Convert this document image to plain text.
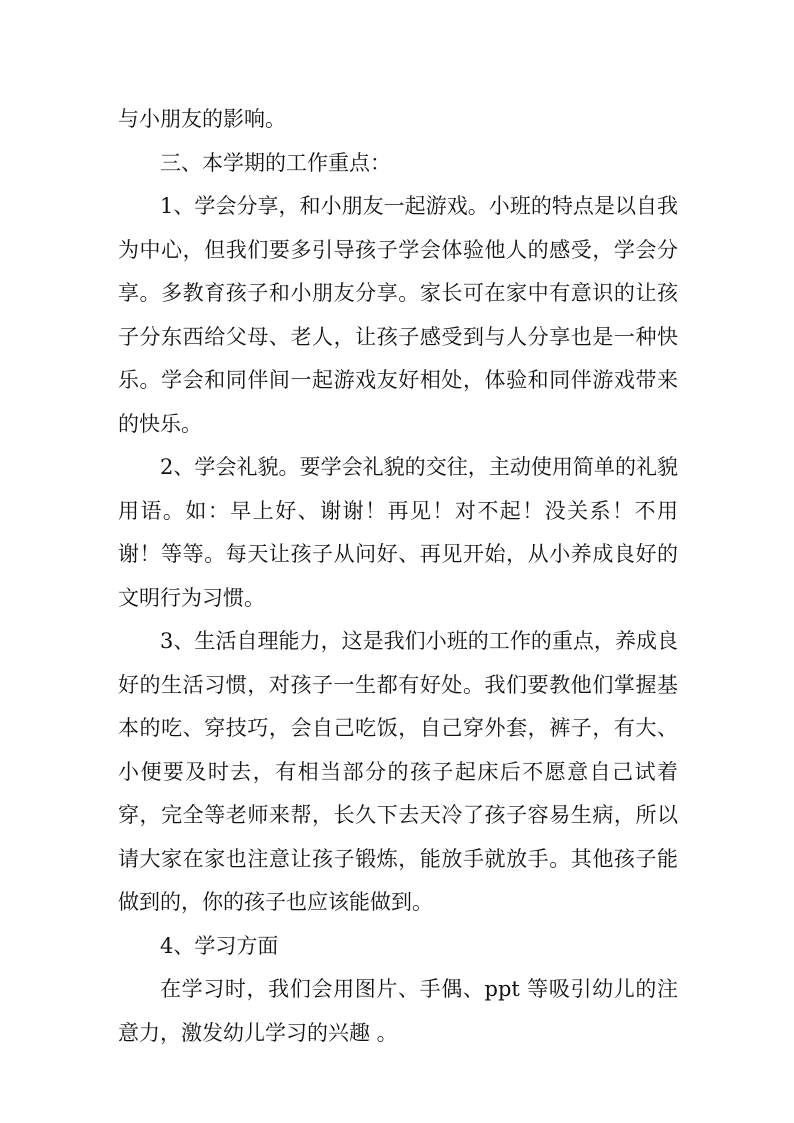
与小朋友的影响。

三、本学期的工作重点：

1、学会分享，和小朋友一起游戏。小班的特点是以自我为中心，但我们要多引导孩子学会体验他人的感受，学会分享。多教育孩子和小朋友分享。家长可在家中有意识的让孩子分东西给父母、老人，让孩子感受到与人分享也是一种快乐。学会和同伴间一起游戏友好相处，体验和同伴游戏带来的快乐。

2、学会礼貌。要学会礼貌的交往，主动使用简单的礼貌用语。如：早上好、谢谢！再见！对不起！没关系！不用谢！等等。每天让孩子从问好、再见开始，从小养成良好的文明行为习惯。

3、生活自理能力，这是我们小班的工作的重点，养成良好的生活习惯，对孩子一生都有好处。我们要教他们掌握基本的吃、穿技巧，会自己吃饭，自己穿外套，裤子，有大、小便要及时去，有相当部分的孩子起床后不愿意自己试着穿，完全等老师来帮，长久下去天冷了孩子容易生病，所以请大家在家也注意让孩子锻炼，能放手就放手。其他孩子能做到的，你的孩子也应该能做到。

4、学习方面

在学习时，我们会用图片、手偶、ppt 等吸引幼儿的注意力，激发幼儿学习的兴趣 。
